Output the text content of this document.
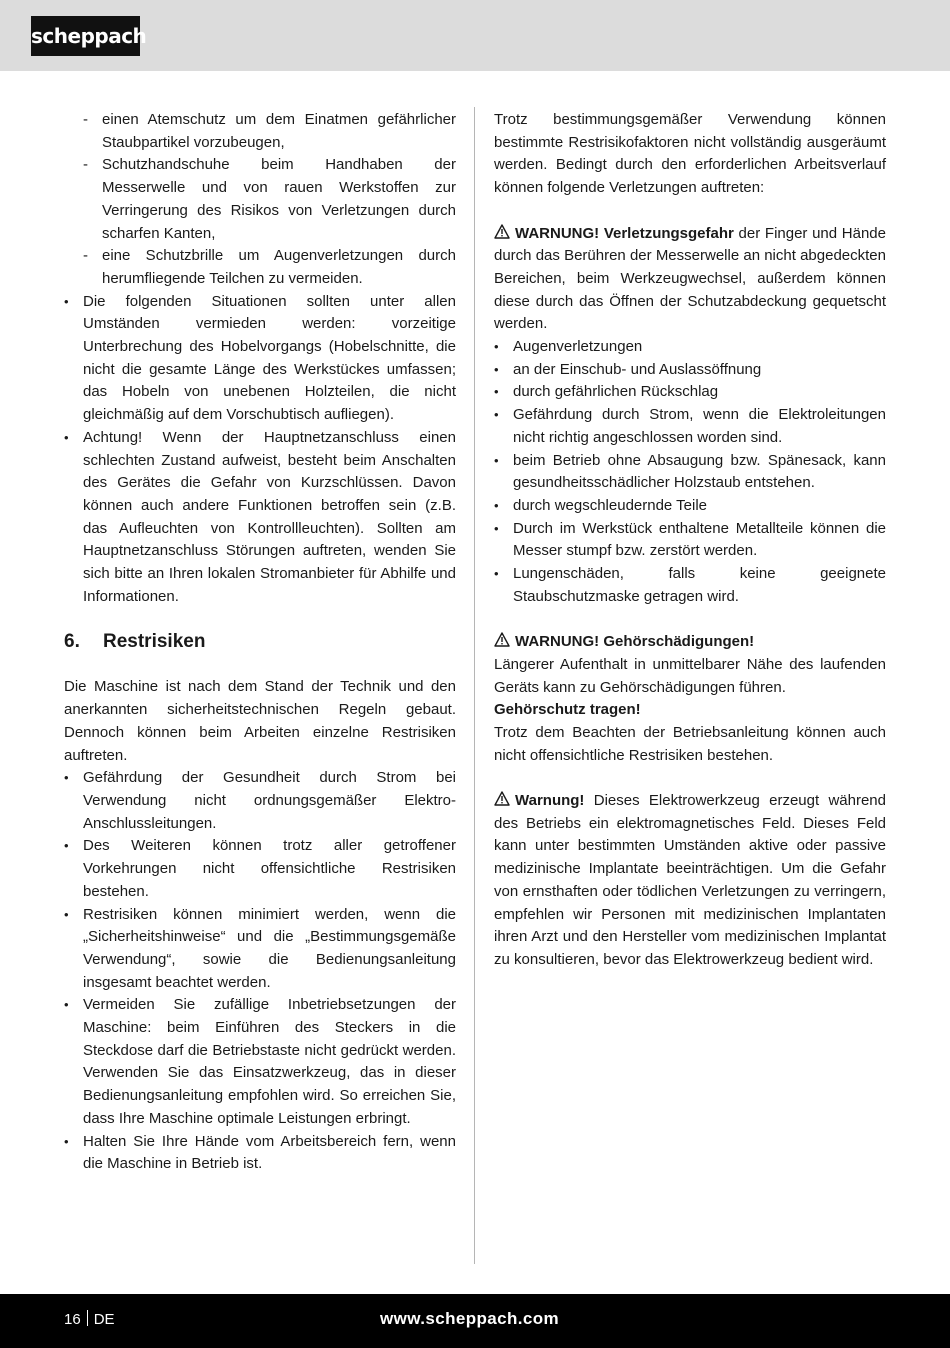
scheppach
- einen Atemschutz um dem Einatmen gefährlicher Staubpartikel vorzubeugen,
- Schutzhandschuhe beim Handhaben der Messerwelle und von rauen Werkstoffen zur Verringerung des Risikos von Verletzungen durch scharfen Kanten,
- eine Schutzbrille um Augenverletzungen durch herumfliegende Teilchen zu vermeiden.
• Die folgenden Situationen sollten unter allen Umständen vermieden werden: vorzeitige Unterbrechung des Hobelvorgangs (Hobelschnitte, die nicht die gesamte Länge des Werkstückes umfassen; das Hobeln von unebenen Holzteilen, die nicht gleichmäßig auf dem Vorschubtisch aufliegen).
• Achtung! Wenn der Hauptnetzanschluss einen schlechten Zustand aufweist, besteht beim Anschalten des Gerätes die Gefahr von Kurzschlüssen. Davon können auch andere Funktionen betroffen sein (z.B. das Aufleuchten von Kontrollleuchten). Sollten am Hauptnetzanschluss Störungen auftreten, wenden Sie sich bitte an Ihren lokalen Stromanbieter für Abhilfe und Informationen.
6.	Restrisiken

Die Maschine ist nach dem Stand der Technik und den anerkannten sicherheitstechnischen Regeln gebaut. Dennoch können beim Arbeiten einzelne Restrisiken auftreten.

• Gefährdung der Gesundheit durch Strom bei Verwendung nicht ordnungsgemäßer Elektro-Anschlussleitungen.
• Des Weiteren können trotz aller getroffener Vorkehrungen nicht offensichtliche Restrisiken bestehen.
• Restrisiken können minimiert werden, wenn die „Sicherheitshinweise“ und die „Bestimmungsgemäße Verwendung“, sowie die Bedienungsanleitung insgesamt beachtet werden.
• Vermeiden Sie zufällige Inbetriebsetzungen der Maschine: beim Einführen des Steckers in die Steckdose darf die Betriebstaste nicht gedrückt werden. Verwenden Sie das Einsatzwerkzeug, das in dieser Bedienungsanleitung empfohlen wird. So erreichen Sie, dass Ihre Maschine optimale Leistungen erbringt.
• Halten Sie Ihre Hände vom Arbeitsbereich fern, wenn die Maschine in Betrieb ist.

Trotz bestimmungsgemäßer Verwendung können bestimmte Restrisikofaktoren nicht vollständig ausgeräumt werden. Bedingt durch den erforderlichen Arbeitsverlauf können folgende Verletzungen auftreten:

WARNUNG! Verletzungsgefahr der Finger und Hände durch das Berühren der Messerwelle an nicht abgedeckten Bereichen, beim Werkzeugwechsel, außerdem können diese durch das Öffnen der Schutzabdeckung gequetscht werden.

• Augenverletzungen
• an der Einschub- und Auslassöffnung
• durch gefährlichen Rückschlag
• Gefährdung durch Strom, wenn die Elektroleitungen nicht richtig angeschlossen worden sind.
• beim Betrieb ohne Absaugung bzw. Spänesack, kann gesundheitsschädlicher Holzstaub entstehen.
• durch wegschleudernde Teile
• Durch im Werkstück enthaltene Metallteile können die Messer stumpf bzw. zerstört werden.
• Lungenschäden, falls keine geeignete Staubschutzmaske getragen wird.

WARNUNG! Gehörschädigungen!

Längerer Aufenthalt in unmittelbarer Nähe des laufenden Geräts kann zu Gehörschädigungen führen.

Gehörschutz tragen!

Trotz dem Beachten der Betriebsanleitung können auch nicht offensichtliche Restrisiken bestehen.

Warnung! Dieses Elektrowerkzeug erzeugt während des Betriebs ein elektromagnetisches Feld. Dieses Feld kann unter bestimmten Umständen aktive oder passive medizinische Implantate beeinträchtigen. Um die Gefahr von ernsthaften oder tödlichen Verletzungen zu verringern, empfehlen wir Personen mit medizinischen Implantaten ihren Arzt und den Hersteller vom medizinischen Implantat zu konsultieren, bevor das Elektrowerkzeug bedient wird.

16 DE	www.scheppach.com
